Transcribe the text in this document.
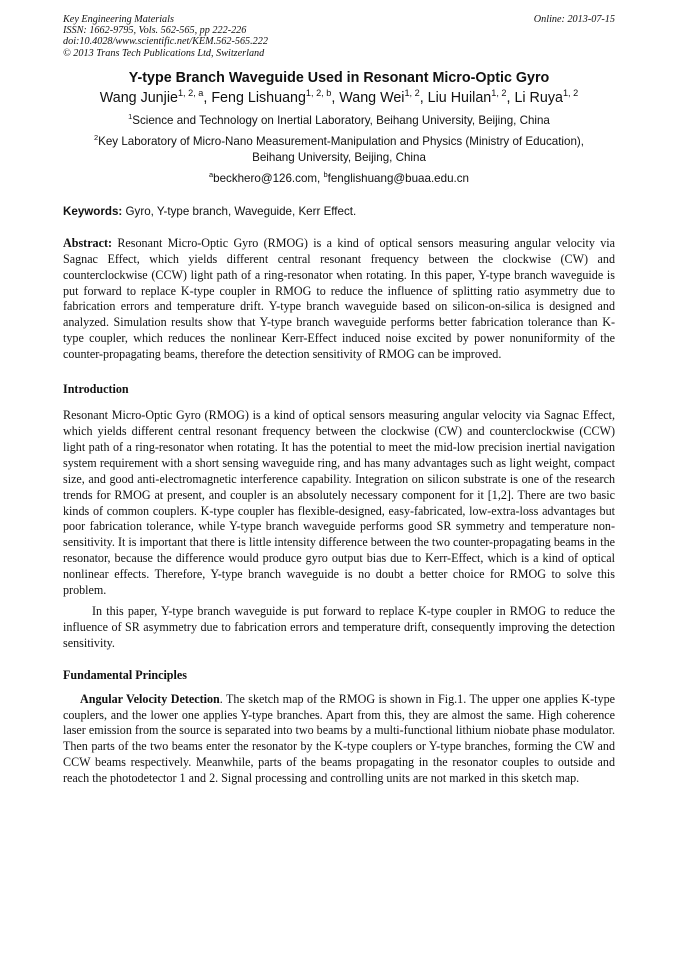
Key Engineering Materials
ISSN: 1662-9795, Vols. 562-565, pp 222-226
doi:10.4028/www.scientific.net/KEM.562-565.222
© 2013 Trans Tech Publications Ltd, Switzerland
Online: 2013-07-15
Y-type Branch Waveguide Used in Resonant Micro-Optic Gyro
Wang Junjie$^{1, 2, a}$, Feng Lishuang$^{1, 2, b}$, Wang Wei$^{1, 2}$, Liu Huilan$^{1, 2}$, Li Ruya$^{1, 2}$
$^1$Science and Technology on Inertial Laboratory, Beihang University, Beijing, China
$^2$Key Laboratory of Micro-Nano Measurement-Manipulation and Physics (Ministry of Education),
Beihang University, Beijing, China
$^a$beckhero@126.com, $^b$fenglishuang@buaa.edu.cn
Keywords: Gyro, Y-type branch, Waveguide, Kerr Effect.
Abstract: Resonant Micro-Optic Gyro (RMOG) is a kind of optical sensors measuring angular velocity via Sagnac Effect, which yields different central resonant frequency between the clockwise (CW) and counterclockwise (CCW) light path of a ring-resonator when rotating. In this paper, Y-type branch waveguide is put forward to replace K-type coupler in RMOG to reduce the influence of splitting ratio asymmetry due to fabrication errors and temperature drift. Y-type branch waveguide based on silicon-on-silica is designed and analyzed. Simulation results show that Y-type branch waveguide performs better fabrication tolerance than K-type coupler, which reduces the nonlinear Kerr-Effect induced noise excited by power nonuniformity of the counter-propagating beams, therefore the detection sensitivity of RMOG can be improved.
Introduction
Resonant Micro-Optic Gyro (RMOG) is a kind of optical sensors measuring angular velocity via Sagnac Effect, which yields different central resonant frequency between the clockwise (CW) and counterclockwise (CCW) light path of a ring-resonator when rotating. It has the potential to meet the mid-low precision inertial navigation system requirement with a short sensing waveguide ring, and has many advantages such as light weight, compact size, and good anti-electromagnetic interference capability. Integration on silicon substrate is one of the research trends for RMOG at present, and coupler is an absolutely necessary component for it [1,2]. There are two basic kinds of common couplers. K-type coupler has flexible-designed, easy-fabricated, low-extra-loss advantages but poor fabrication tolerance, while Y-type branch waveguide performs good SR symmetry and temperature non-sensitivity. It is important that there is little intensity difference between the two counter-propagating beams in the resonator, because the difference would produce gyro output bias due to Kerr-Effect, which is a kind of optical nonlinear effects. Therefore, Y-type branch waveguide is no doubt a better choice for RMOG to solve this problem.
In this paper, Y-type branch waveguide is put forward to replace K-type coupler in RMOG to reduce the influence of SR asymmetry due to fabrication errors and temperature drift, consequently improving the detection sensitivity.
Fundamental Principles
Angular Velocity Detection. The sketch map of the RMOG is shown in Fig.1. The upper one applies K-type couplers, and the lower one applies Y-type branches. Apart from this, they are almost the same. High coherence laser emission from the source is separated into two beams by a multi-functional lithium niobate phase modulator. Then parts of the two beams enter the resonator by the K-type couplers or Y-type branches, forming the CW and CCW beams respectively. Meanwhile, parts of the beams propagating in the resonator couples to outside and reach the photodetector 1 and 2. Signal processing and controlling units are not marked in this sketch map.
